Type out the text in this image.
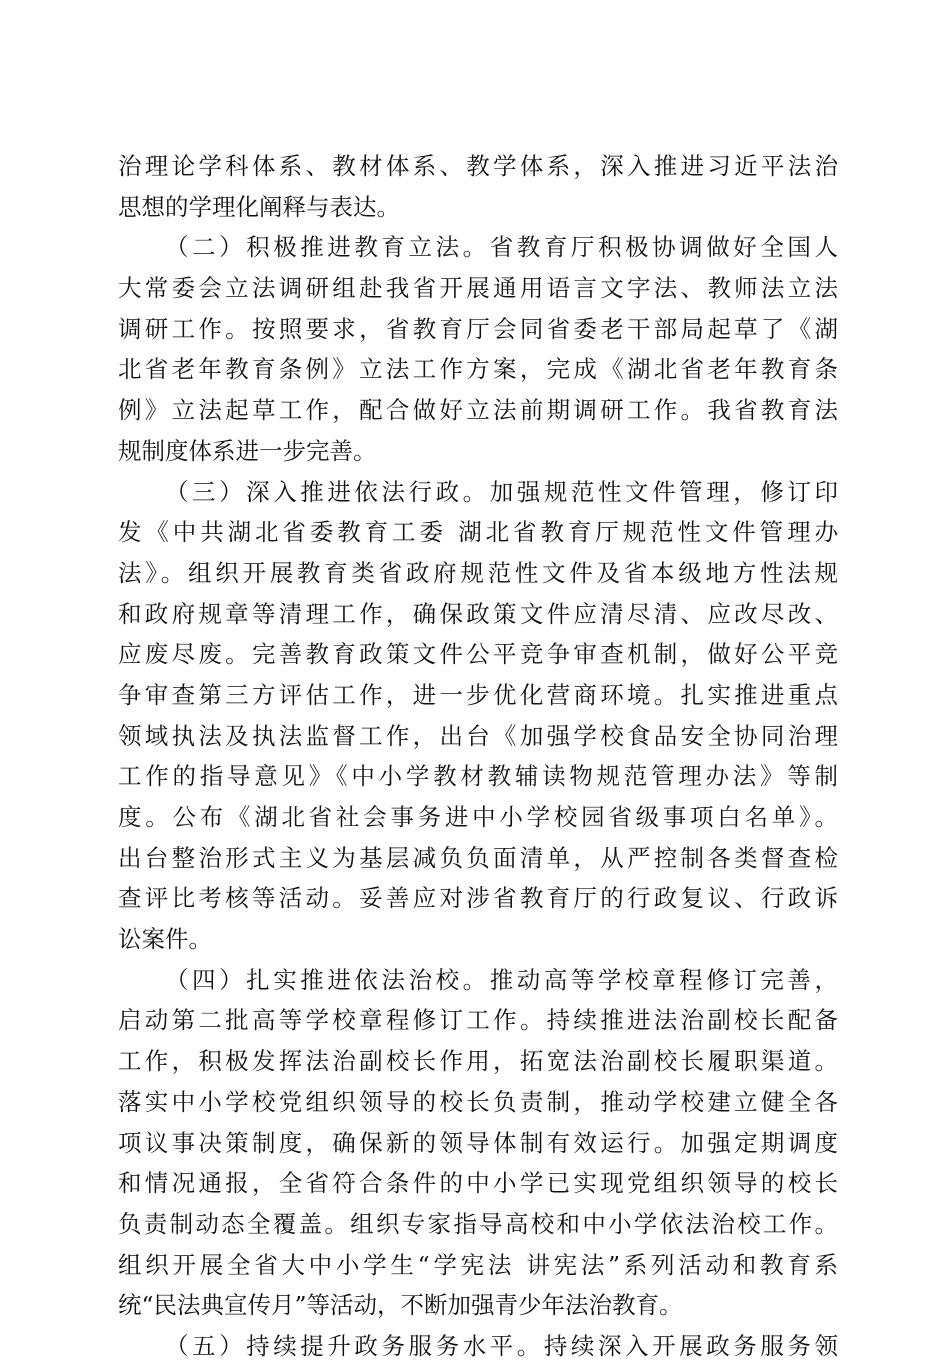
治理论学科体系、教材体系、教学体系，深入推进习近平法治
思想的学理化阐释与表达。
（二）积极推进教育立法。省教育厅积极协调做好全国人
大常委会立法调研组赴我省开展通用语言文字法、教师法立法
调研工作。按照要求，省教育厅会同省委老干部局起草了《湖
北省老年教育条例》立法工作方案，完成《湖北省老年教育条
例》立法起草工作，配合做好立法前期调研工作。我省教育法
规制度体系进一步完善。
（三）深入推进依法行政。加强规范性文件管理，修订印
发《中共湖北省委教育工委 湖北省教育厅规范性文件管理办
法》。组织开展教育类省政府规范性文件及省本级地方性法规
和政府规章等清理工作，确保政策文件应清尽清、应改尽改、
应废尽废。完善教育政策文件公平竞争审查机制，做好公平竞
争审查第三方评估工作，进一步优化营商环境。扎实推进重点
领域执法及执法监督工作，出台《加强学校食品安全协同治理
工作的指导意见》《中小学教材教辅读物规范管理办法》等制
度。公布《湖北省社会事务进中小学校园省级事项白名单》。
出台整治形式主义为基层减负负面清单，从严控制各类督查检
查评比考核等活动。妥善应对涉省教育厅的行政复议、行政诉
讼案件。
（四）扎实推进依法治校。推动高等学校章程修订完善，
启动第二批高等学校章程修订工作。持续推进法治副校长配备
工作，积极发挥法治副校长作用，拓宽法治副校长履职渠道。
落实中小学校党组织领导的校长负责制，推动学校建立健全各
项议事决策制度，确保新的领导体制有效运行。加强定期调度
和情况通报，全省符合条件的中小学已实现党组织领导的校长
负责制动态全覆盖。组织专家指导高校和中小学依法治校工作。
组织开展全省大中小学生“学宪法 讲宪法”系列活动和教育系
统“民法典宣传月”等活动，不断加强青少年法治教育。
（五）持续提升政务服务水平。持续深入开展政务服务领
